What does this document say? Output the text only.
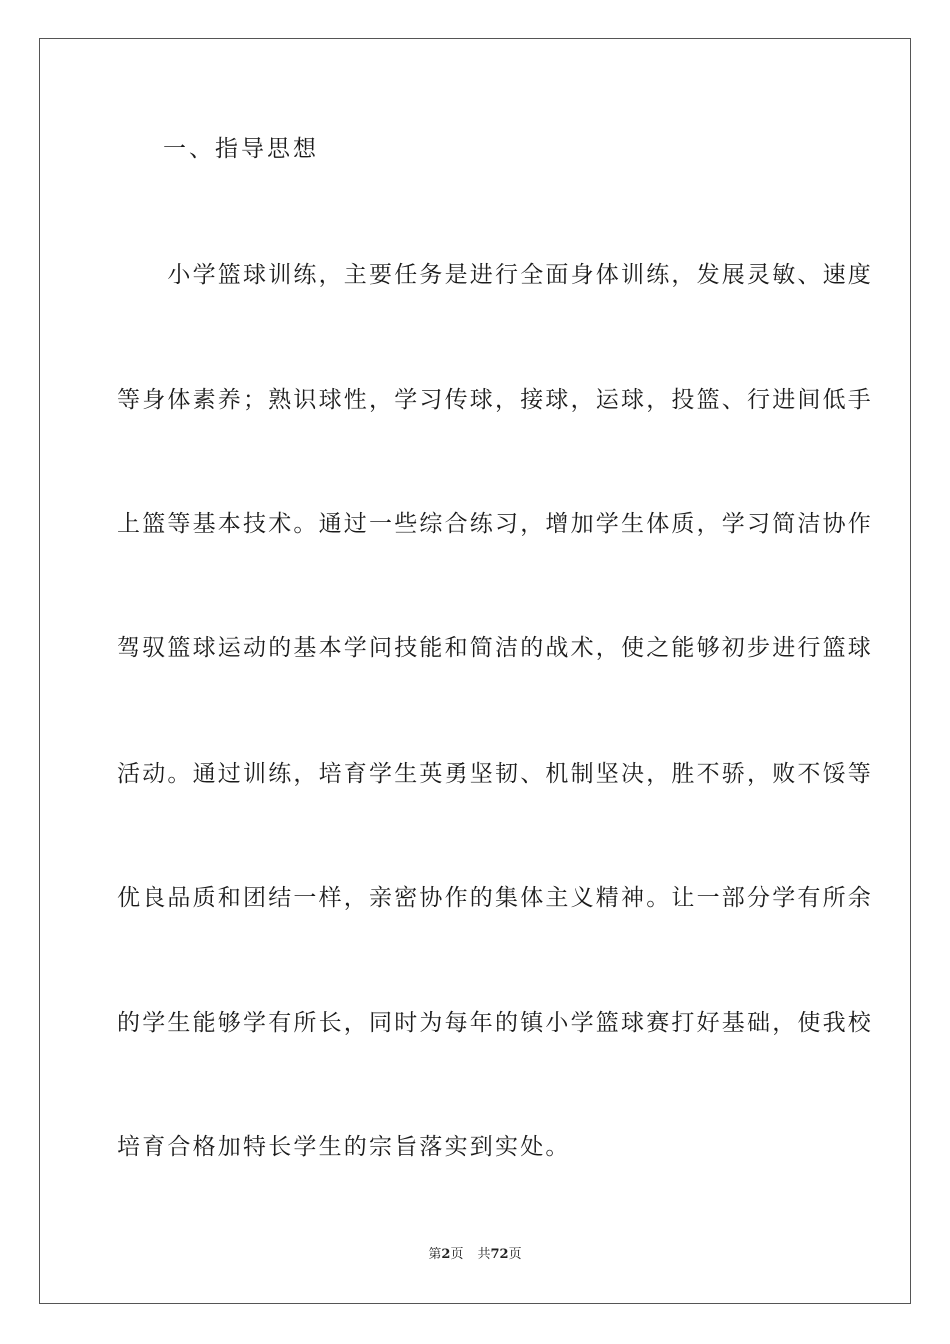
一、指导思想
　　小学篮球训练，主要任务是进行全面身体训练，发展灵敏、速度
等身体素养；熟识球性，学习传球，接球，运球，投篮、行进间低手
上篮等基本技术。通过一些综合练习，增加学生体质，学习简洁协作
驾驭篮球运动的基本学问技能和简洁的战术，使之能够初步进行篮球
活动。通过训练，培育学生英勇坚韧、机制坚决，胜不骄，败不馁等
优良品质和团结一样，亲密协作的集体主义精神。让一部分学有所余
的学生能够学有所长，同时为每年的镇小学篮球赛打好基础，使我校
培育合格加特长学生的宗旨落实到实处。
第2页 共72页
